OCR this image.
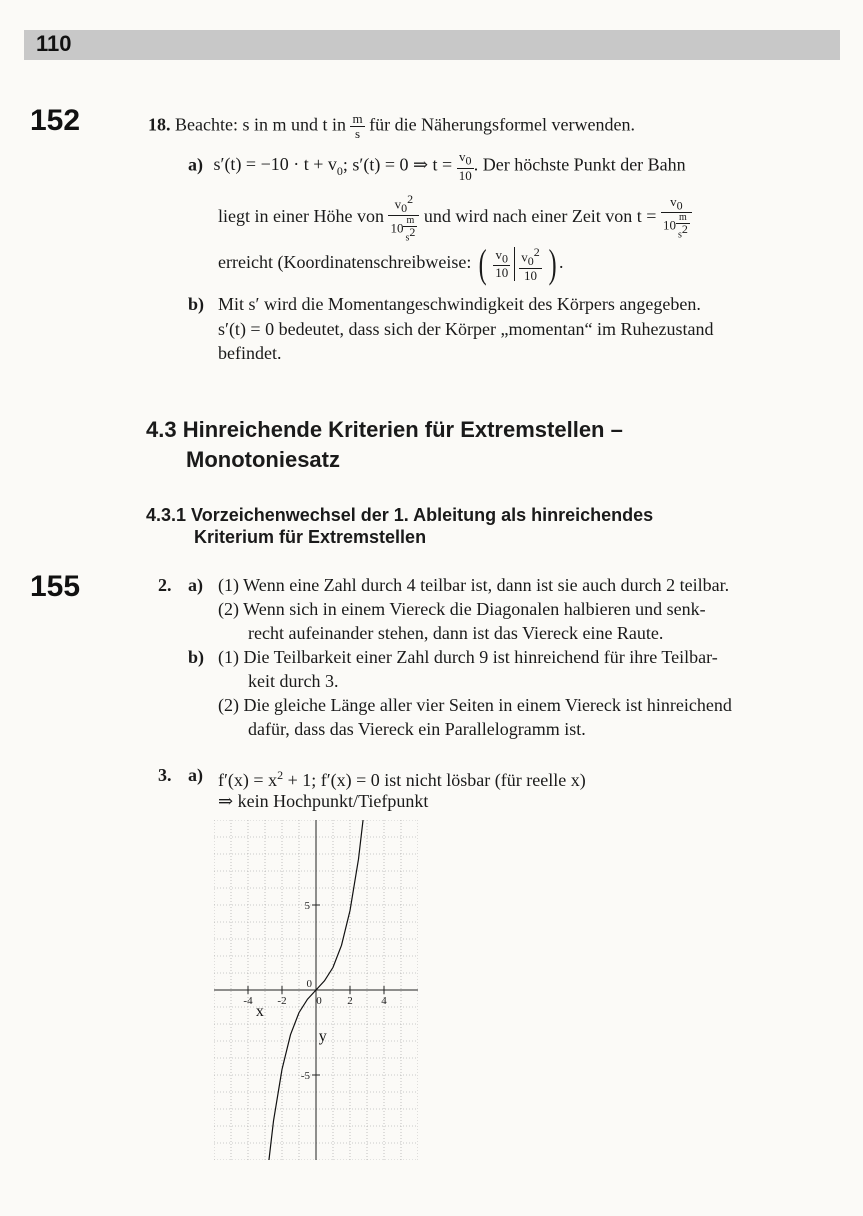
110
152	18. Beachte: s in m und t in $\frac{m}{s}$ für die Näherungsformel verwenden.
a) $s'(t) = -10 \cdot t + v_0$; s′(t) = 0 ⇒ $t = \frac{v_0}{10}$ . Der höchste Punkt der Bahn
liegt in einer Höhe von $\frac{v_0^2}{10 \frac{m}{s^2}}$ und wird nach einer Zeit von $t = \frac{v_0}{10 \frac{m}{s^2}}$
erreicht (Koordinatenschreibweise: ( $\frac{v_0}{10} \frac{v_0^2}{10}$ ) .
b) Mit s′ wird die Momentangeschwindigkeit des Körpers angegeben.
s′(t) = 0 bedeutet, dass sich der Körper „momentan“ im Ruhezustand
befindet.
4.3 Hinreichende Kriterien für Extremstellen –
Monotoniesatz
4.3.1 Vorzeichenwechsel der 1. Ableitung als hinreichendes
Kriterium für Extremstellen
155	2. a) (1) Wenn eine Zahl durch 4 teilbar ist, dann ist sie auch durch 2 teilbar.
(2) Wenn sich in einem Viereck die Diagonalen halbieren und senk-
recht aufeinander stehen, dann ist das Viereck eine Raute.
b) (1) Die Teilbarkeit einer Zahl durch 9 ist hinreichend für ihre Teilbar-
keit durch 3.
(2) Die gleiche Länge aller vier Seiten in einem Viereck ist hinreichend
dafür, dass das Viereck ein Parallelogramm ist.
3. a) $f'(x) = x^2 + 1$; f′(x) = 0 ist nicht lösbar (für reelle x)
⇒ kein Hochpunkt/Tiefpunkt
-4 -2	2	4
5
0
0
-5
x
y
